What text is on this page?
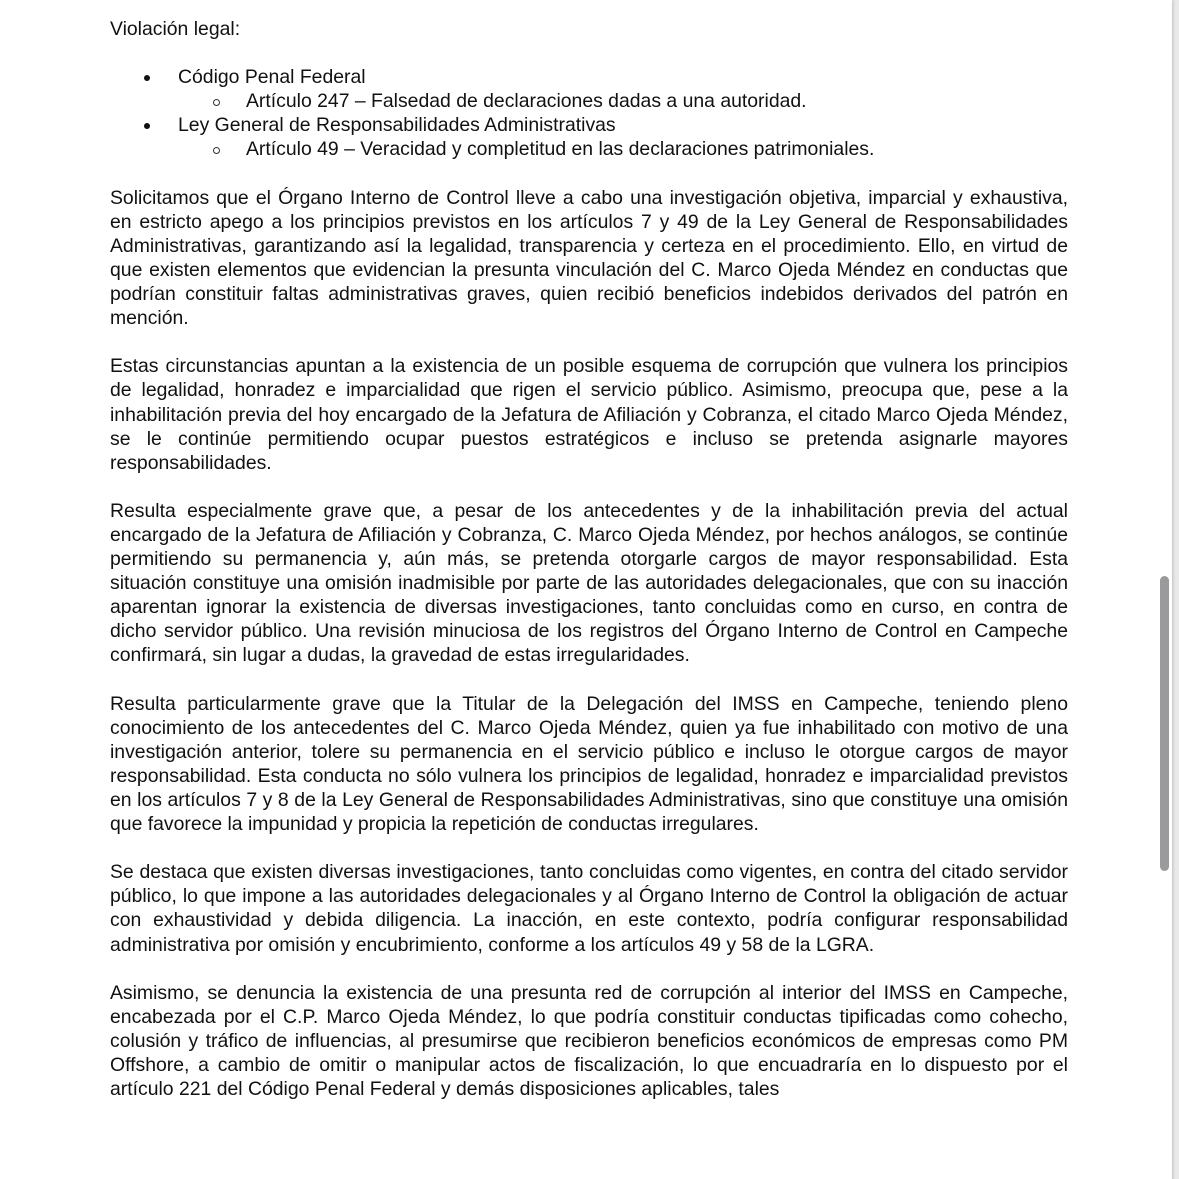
Violación legal:

Código Penal Federal
Artículo 247 – Falsedad de declaraciones dadas a una autoridad.
Ley General de Responsabilidades Administrativas
Artículo 49 – Veracidad y completitud en las declaraciones patrimoniales.

Solicitamos que el Órgano Interno de Control lleve a cabo una investigación objetiva, imparcial y exhaustiva, en estricto apego a los principios previstos en los artículos 7 y 49 de la Ley General de Responsabilidades Administrativas, garantizando así la legalidad, transparencia y certeza en el procedimiento. Ello, en virtud de que existen elementos que evidencian la presunta vinculación del C. Marco Ojeda Méndez en conductas que podrían constituir faltas administrativas graves, quien recibió beneficios indebidos derivados del patrón en mención.

Estas circunstancias apuntan a la existencia de un posible esquema de corrupción que vulnera los principios de legalidad, honradez e imparcialidad que rigen el servicio público. Asimismo, preocupa que, pese a la inhabilitación previa del hoy encargado de la Jefatura de Afiliación y Cobranza, el citado Marco Ojeda Méndez, se le continúe permitiendo ocupar puestos estratégicos e incluso se pretenda asignarle mayores responsabilidades.

Resulta especialmente grave que, a pesar de los antecedentes y de la inhabilitación previa del actual encargado de la Jefatura de Afiliación y Cobranza, C. Marco Ojeda Méndez, por hechos análogos, se continúe permitiendo su permanencia y, aún más, se pretenda otorgarle cargos de mayor responsabilidad. Esta situación constituye una omisión inadmisible por parte de las autoridades delegacionales, que con su inacción aparentan ignorar la existencia de diversas investigaciones, tanto concluidas como en curso, en contra de dicho servidor público. Una revisión minuciosa de los registros del Órgano Interno de Control en Campeche confirmará, sin lugar a dudas, la gravedad de estas irregularidades.

Resulta particularmente grave que la Titular de la Delegación del IMSS en Campeche, teniendo pleno conocimiento de los antecedentes del C. Marco Ojeda Méndez, quien ya fue inhabilitado con motivo de una investigación anterior, tolere su permanencia en el servicio público e incluso le otorgue cargos de mayor responsabilidad. Esta conducta no sólo vulnera los principios de legalidad, honradez e imparcialidad previstos en los artículos 7 y 8 de la Ley General de Responsabilidades Administrativas, sino que constituye una omisión que favorece la impunidad y propicia la repetición de conductas irregulares.

Se destaca que existen diversas investigaciones, tanto concluidas como vigentes, en contra del citado servidor público, lo que impone a las autoridades delegacionales y al Órgano Interno de Control la obligación de actuar con exhaustividad y debida diligencia. La inacción, en este contexto, podría configurar responsabilidad administrativa por omisión y encubrimiento, conforme a los artículos 49 y 58 de la LGRA.

Asimismo, se denuncia la existencia de una presunta red de corrupción al interior del IMSS en Campeche, encabezada por el C.P. Marco Ojeda Méndez, lo que podría constituir conductas tipificadas como cohecho, colusión y tráfico de influencias, al presumirse que recibieron beneficios económicos de empresas como PM Offshore, a cambio de omitir o manipular actos de fiscalización, lo que encuadraría en lo dispuesto por el artículo 221 del Código Penal Federal y demás disposiciones aplicables, tales
